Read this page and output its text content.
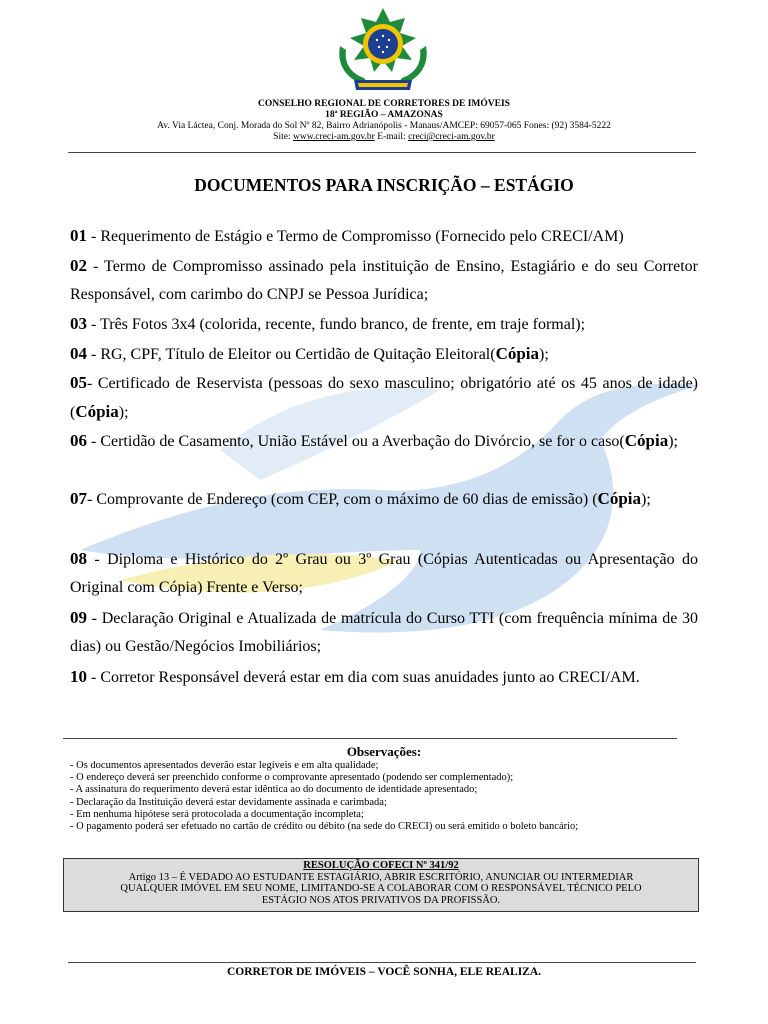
CONSELHO REGIONAL DE CORRETORES DE IMÓVEIS
18ª REGIÃO – AMAZONAS
Av. Via Láctea, Conj. Morada do Sol Nº 82, Bairro Adrianópolis - Manaus/AMCEP: 69057-065 Fones: (92) 3584-5222
Site: www.creci-am.gov.br E-mail: creci@creci-am.gov.br
DOCUMENTOS PARA INSCRIÇÃO – ESTÁGIO
01 - Requerimento de Estágio e Termo de Compromisso (Fornecido pelo CRECI/AM)
02 - Termo de Compromisso assinado pela instituição de Ensino, Estagiário e do seu Corretor Responsável, com carimbo do CNPJ se Pessoa Jurídica;
03 - Três Fotos 3x4 (colorida, recente, fundo branco, de frente, em traje formal);
04 - RG, CPF, Título de Eleitor ou Certidão de Quitação Eleitoral(Cópia);
05- Certificado de Reservista (pessoas do sexo masculino; obrigatório até os 45 anos de idade) (Cópia);
06 - Certidão de Casamento, União Estável ou a Averbação do Divórcio, se for o caso(Cópia);
07- Comprovante de Endereço (com CEP, com o máximo de 60 dias de emissão) (Cópia);
08 - Diploma e Histórico do 2º Grau ou 3º Grau (Cópias Autenticadas ou Apresentação do Original com Cópia) Frente e Verso;
09 - Declaração Original e Atualizada de matrícula do Curso TTI (com frequência mínima de 30 dias) ou Gestão/Negócios Imobiliários;
10 - Corretor Responsável deverá estar em dia com suas anuidades junto ao CRECI/AM.
Observações:
- Os documentos apresentados deverão estar legíveis e em alta qualidade;
- O endereço deverá ser preenchido conforme o comprovante apresentado (podendo ser complementado);
- A assinatura do requerimento deverá estar idêntica ao do documento de identidade apresentado;
- Declaração da Instituição deverá estar devidamente assinada e carimbada;
- Em nenhuma hipótese será protocolada a documentação incompleta;
- O pagamento poderá ser efetuado no cartão de crédito ou débito (na sede do CRECI) ou será emitido o boleto bancário;
RESOLUÇÃO COFECI Nº 341/92
Artigo 13 – É VEDADO AO ESTUDANTE ESTAGIÁRIO, ABRIR ESCRITÓRIO, ANUNCIAR OU INTERMEDIAR
QUALQUER IMÓVEL EM SEU NOME, LIMITANDO-SE A COLABORAR COM O RESPONSÁVEL TÉCNICO PELO
ESTÁGIO NOS ATOS PRIVATIVOS DA PROFISSÃO.
CORRETOR DE IMÓVEIS – VOCÊ SONHA, ELE REALIZA.
